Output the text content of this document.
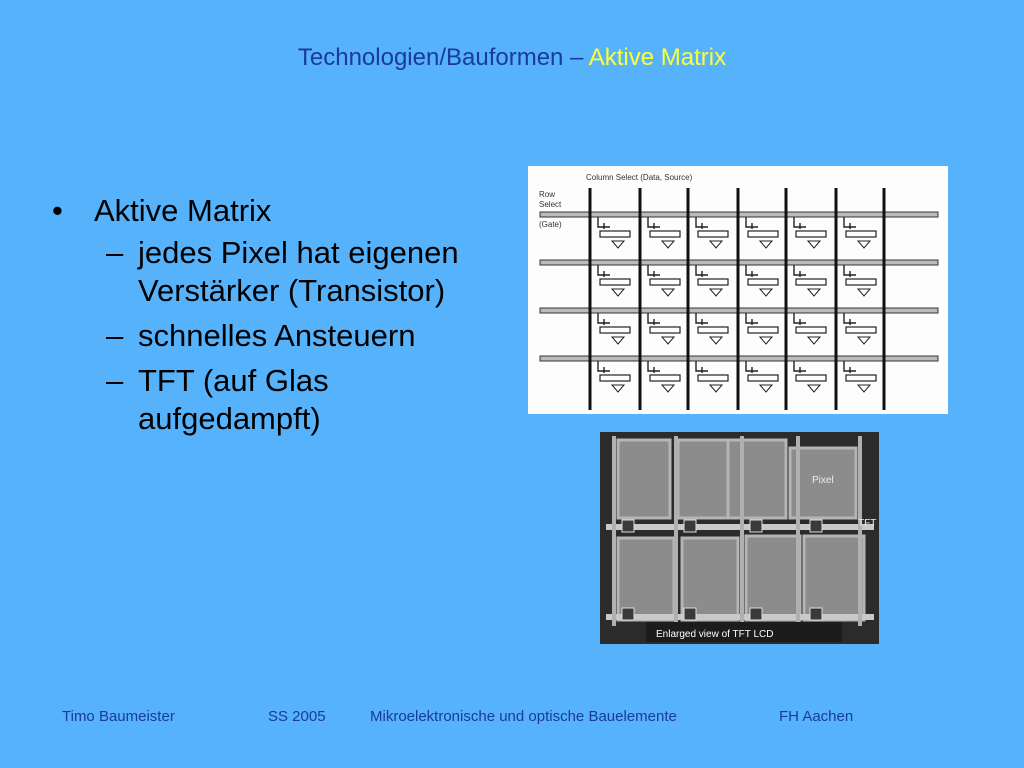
Technologien/Bauformen – Aktive Matrix
•	Aktive Matrix
– jedes Pixel hat eigenen Verstärker (Transistor)
– schnelles Ansteuern
– TFT (auf Glas aufgedampft)
Column Select (Data, Source)
Row
Select

(Gate)
Pixel
TFT
Enlarged view of TFT LCD
Timo Baumeister	SS 2005	Mikroelektronische und optische Bauelemente	FH Aachen
